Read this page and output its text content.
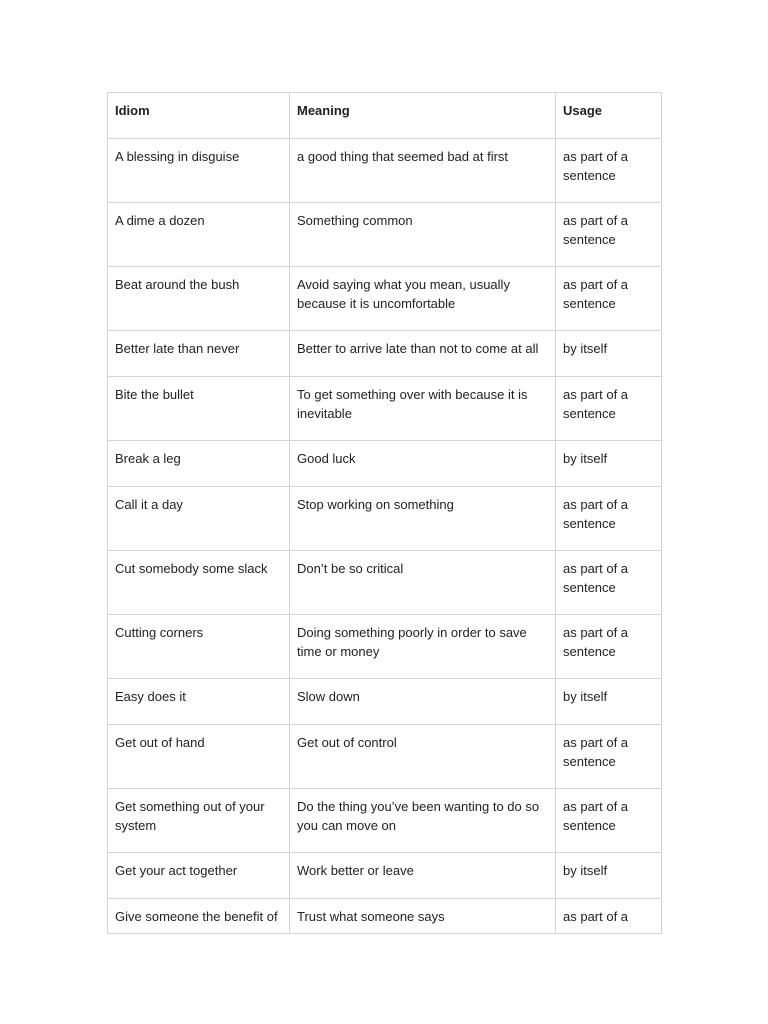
Idiom	Meaning	Usage
A blessing in disguise	a good thing that seemed bad at first	as part of a sentence
A dime a dozen	Something common	as part of a sentence
Beat around the bush	Avoid saying what you mean, usually because it is uncomfortable	as part of a sentence
Better late than never	Better to arrive late than not to come at all	by itself
Bite the bullet	To get something over with because it is inevitable	as part of a sentence
Break a leg	Good luck	by itself
Call it a day	Stop working on something	as part of a sentence
Cut somebody some slack	Don’t be so critical	as part of a sentence
Cutting corners	Doing something poorly in order to save time or money	as part of a sentence
Easy does it	Slow down	by itself
Get out of hand	Get out of control	as part of a sentence
Get something out of your system	Do the thing you’ve been wanting to do so you can move on	as part of a sentence
Get your act together	Work better or leave	by itself
Give someone the benefit of	Trust what someone says	as part of a
